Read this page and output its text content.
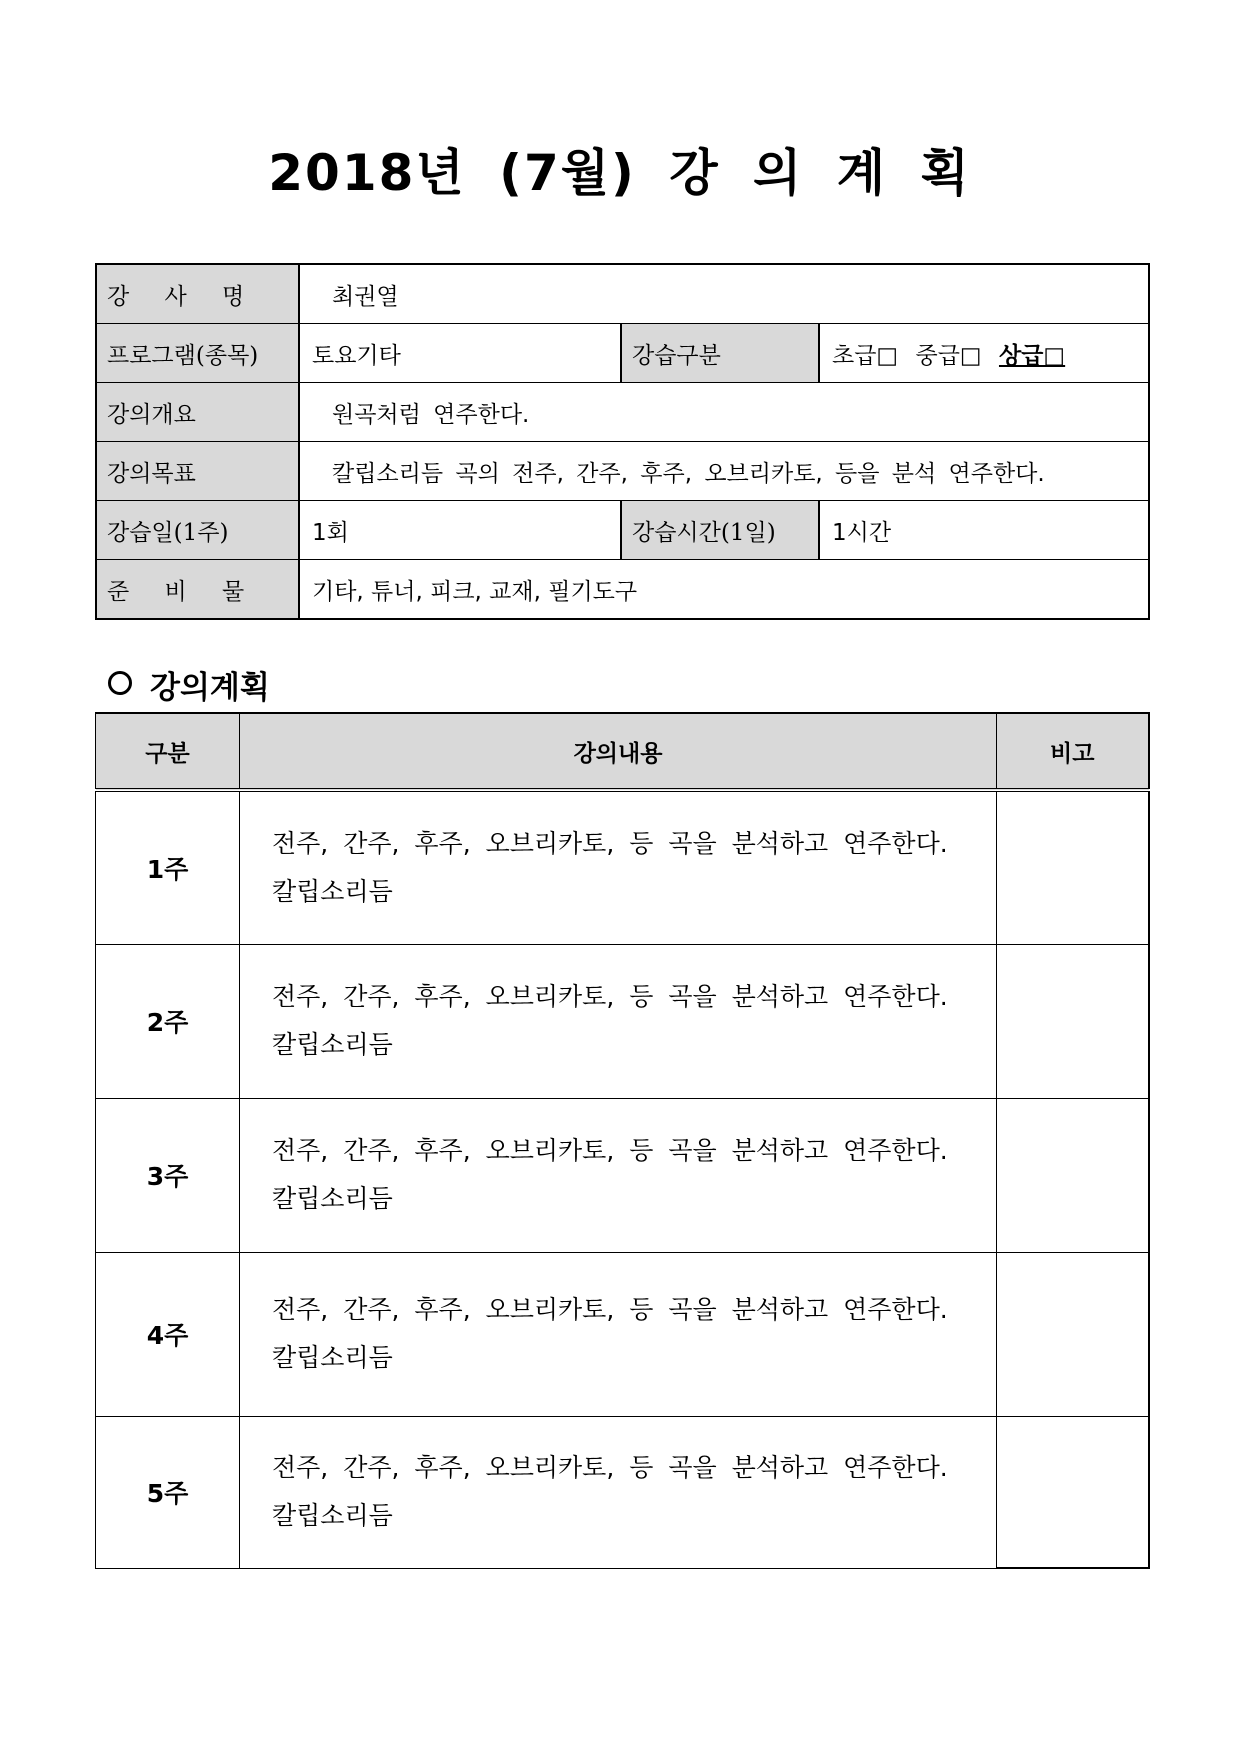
2018년 (7월) 강 의 계 획
강 사 명	최권열		
프로그램(종목)	토요기타	강습구분	초급□ 중급□ 상급□
강의개요	원곡처럼 연주한다.		
강의목표	칼립소리듬 곡의 전주, 간주, 후주, 오브리카토, 등을 분석 연주한다.		
강습일(1주)	1회	강습시간(1일)	1시간
준 비 물	기타, 튜너, 피크, 교재, 필기도구		
강의계획
구분	강의내용	비고
1주	전주, 간주, 후주, 오브리카토, 등 곡을 분석하고 연주한다.
칼립소리듬	

2주	전주, 간주, 후주, 오브리카토, 등 곡을 분석하고 연주한다.
칼립소리듬	

3주	전주, 간주, 후주, 오브리카토, 등 곡을 분석하고 연주한다.
칼립소리듬	

4주	전주, 간주, 후주, 오브리카토, 등 곡을 분석하고 연주한다.
칼립소리듬	

5주	전주, 간주, 후주, 오브리카토, 등 곡을 분석하고 연주한다.
칼립소리듬	
